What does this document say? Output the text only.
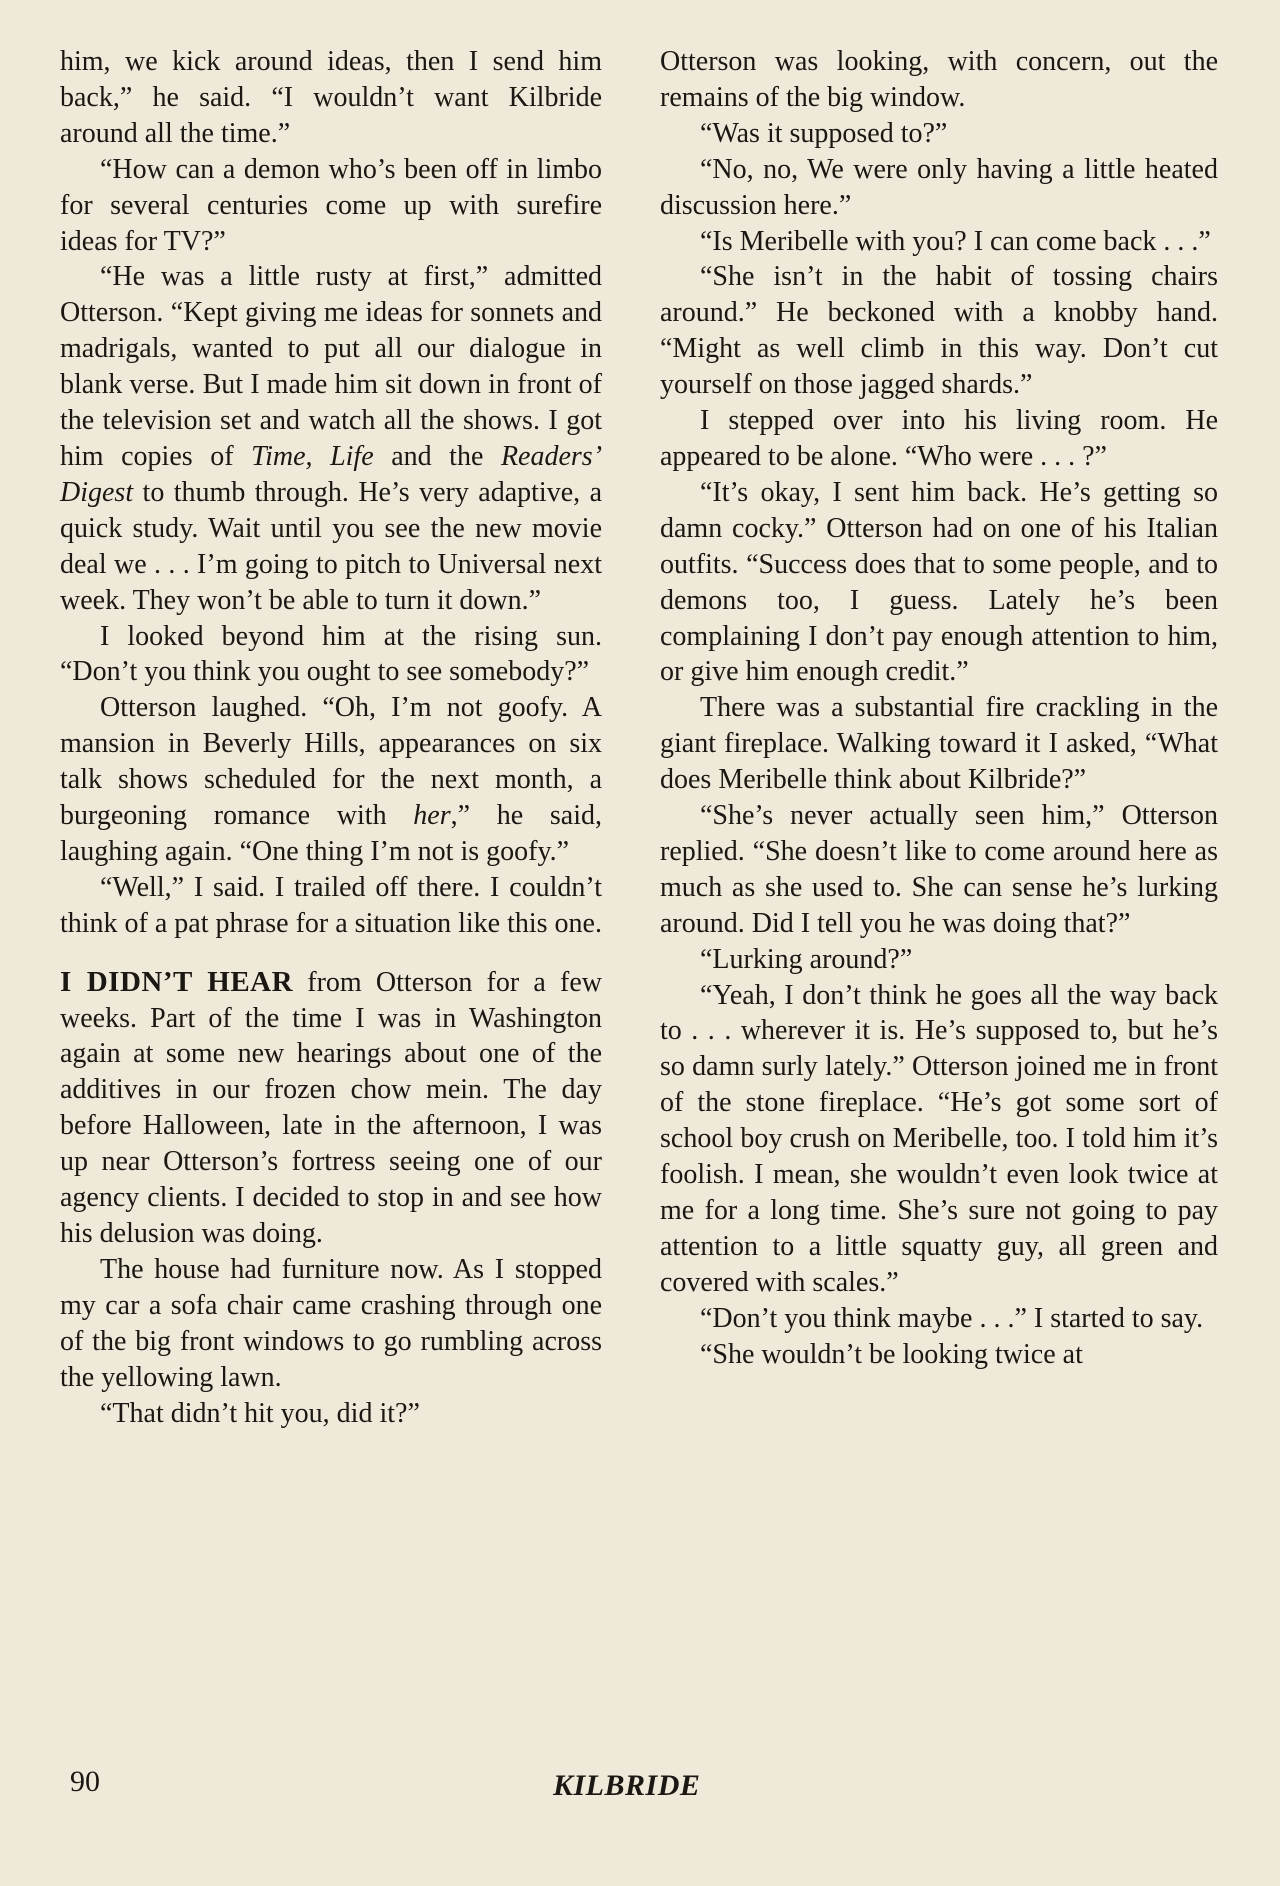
him, we kick around ideas, then I send him back,” he said. “I wouldn’t want Kilbride around all the time.”

“How can a demon who’s been off in limbo for several centuries come up with surefire ideas for TV?”

“He was a little rusty at first,” admitted Otterson. “Kept giving me ideas for sonnets and madrigals, wanted to put all our dialogue in blank verse. But I made him sit down in front of the television set and watch all the shows. I got him copies of Time, Life and the Readers’ Digest to thumb through. He’s very adaptive, a quick study. Wait until you see the new movie deal we . . . I’m going to pitch to Universal next week. They won’t be able to turn it down.”

I looked beyond him at the rising sun. “Don’t you think you ought to see somebody?”

Otterson laughed. “Oh, I’m not goofy. A mansion in Beverly Hills, appearances on six talk shows scheduled for the next month, a burgeoning romance with her,” he said, laughing again. “One thing I’m not is goofy.”

“Well,” I said. I trailed off there. I couldn’t think of a pat phrase for a situation like this one.

I DIDN’T HEAR from Otterson for a few weeks. Part of the time I was in Washington again at some new hearings about one of the additives in our frozen chow mein. The day before Halloween, late in the afternoon, I was up near Otterson’s fortress seeing one of our agency clients. I decided to stop in and see how his delusion was doing.

The house had furniture now. As I stopped my car a sofa chair came crashing through one of the big front windows to go rumbling across the yellowing lawn.

“That didn’t hit you, did it?”

Otterson was looking, with concern, out the remains of the big window.

“Was it supposed to?”

“No, no, We were only having a little heated discussion here.”

“Is Meribelle with you? I can come back . . .”

“She isn’t in the habit of tossing chairs around.” He beckoned with a knobby hand. “Might as well climb in this way. Don’t cut yourself on those jagged shards.”

I stepped over into his living room. He appeared to be alone. “Who were . . . ?”

“It’s okay, I sent him back. He’s getting so damn cocky.” Otterson had on one of his Italian outfits. “Success does that to some people, and to demons too, I guess. Lately he’s been complaining I don’t pay enough attention to him, or give him enough credit.”

There was a substantial fire crackling in the giant fireplace. Walking toward it I asked, “What does Meribelle think about Kilbride?”

“She’s never actually seen him,” Otterson replied. “She doesn’t like to come around here as much as she used to. She can sense he’s lurking around. Did I tell you he was doing that?”

“Lurking around?”

“Yeah, I don’t think he goes all the way back to . . . wherever it is. He’s supposed to, but he’s so damn surly lately.” Otterson joined me in front of the stone fireplace. “He’s got some sort of school boy crush on Meribelle, too. I told him it’s foolish. I mean, she wouldn’t even look twice at me for a long time. She’s sure not going to pay attention to a little squatty guy, all green and covered with scales.”

“Don’t you think maybe . . .” I started to say.

“She wouldn’t be looking twice at

90	KILBRIDE
